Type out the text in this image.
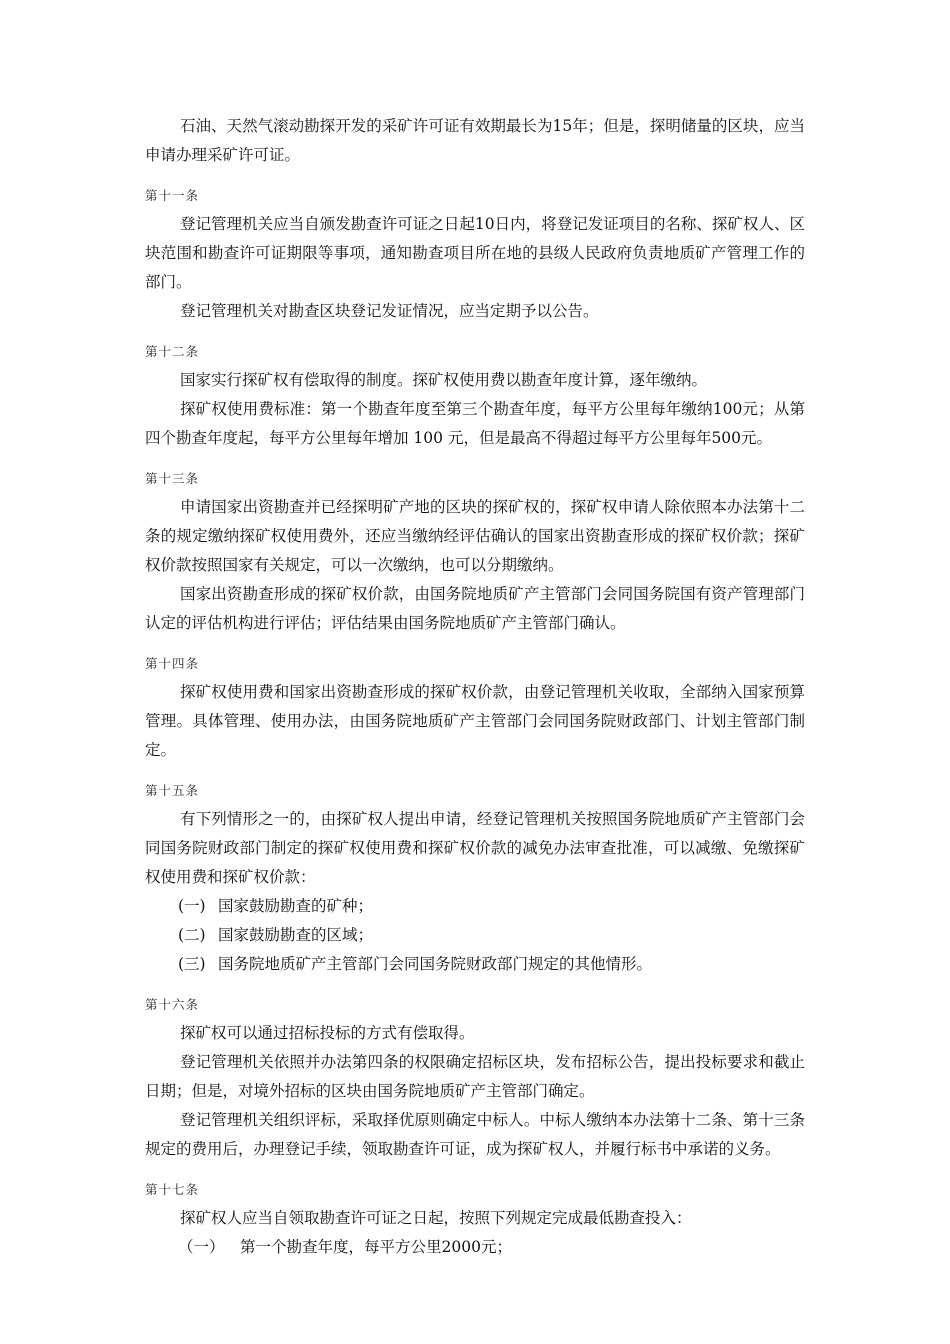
石油、天然气滚动勘探开发的采矿许可证有效期最长为15年；但是，探明储量的区块，应当申请办理采矿许可证。

第十一条

登记管理机关应当自颁发勘查许可证之日起10日内，将登记发证项目的名称、探矿权人、区块范围和勘查许可证期限等事项，通知勘查项目所在地的县级人民政府负责地质矿产管理工作的部门。

登记管理机关对勘查区块登记发证情况，应当定期予以公告。

第十二条

国家实行探矿权有偿取得的制度。探矿权使用费以勘查年度计算，逐年缴纳。

探矿权使用费标准：第一个勘查年度至第三个勘查年度，每平方公里每年缴纳100元；从第四个勘查年度起，每平方公里每年增加 100 元，但是最高不得超过每平方公里每年500元。

第十三条

申请国家出资勘查并已经探明矿产地的区块的探矿权的，探矿权申请人除依照本办法第十二条的规定缴纳探矿权使用费外，还应当缴纳经评估确认的国家出资勘查形成的探矿权价款；探矿权价款按照国家有关规定，可以一次缴纳，也可以分期缴纳。

国家出资勘查形成的探矿权价款，由国务院地质矿产主管部门会同国务院国有资产管理部门认定的评估机构进行评估；评估结果由国务院地质矿产主管部门确认。

第十四条

探矿权使用费和国家出资勘查形成的探矿权价款，由登记管理机关收取，全部纳入国家预算管理。具体管理、使用办法，由国务院地质矿产主管部门会同国务院财政部门、计划主管部门制定。

第十五条

有下列情形之一的，由探矿权人提出申请，经登记管理机关按照国务院地质矿产主管部门会同国务院财政部门制定的探矿权使用费和探矿权价款的减免办法审查批准，可以减缴、免缴探矿权使用费和探矿权价款：

(一) 国家鼓励勘查的矿种；

(二) 国家鼓励勘查的区域；

(三) 国务院地质矿产主管部门会同国务院财政部门规定的其他情形。

第十六条

探矿权可以通过招标投标的方式有偿取得。

登记管理机关依照并办法第四条的权限确定招标区块，发布招标公告，提出投标要求和截止日期；但是，对境外招标的区块由国务院地质矿产主管部门确定。

登记管理机关组织评标，采取择优原则确定中标人。中标人缴纳本办法第十二条、第十三条规定的费用后，办理登记手续，领取勘查许可证，成为探矿权人，并履行标书中承诺的义务。

第十七条

探矿权人应当自领取勘查许可证之日起，按照下列规定完成最低勘查投入：

（一） 第一个勘查年度，每平方公里2000元；
